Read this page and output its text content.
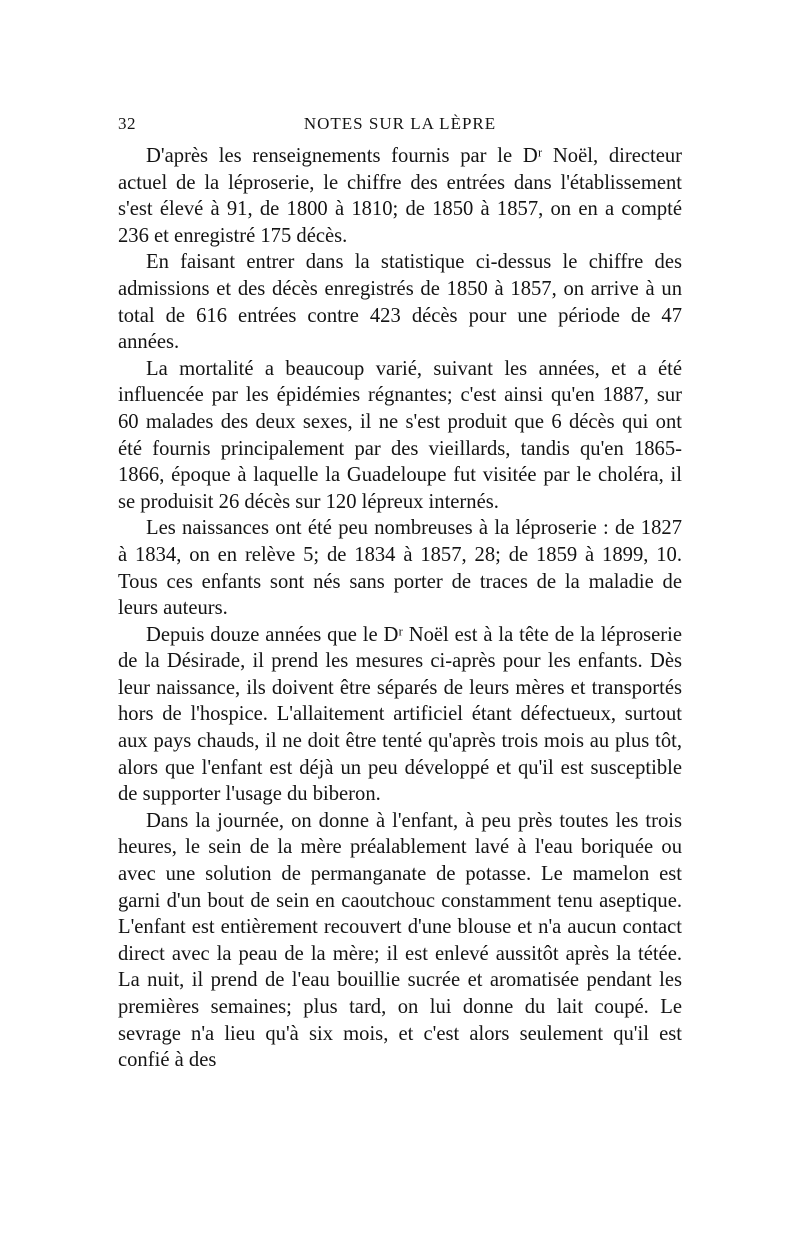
32	NOTES SUR LA LÈPRE

D'après les renseignements fournis par le Dʳ Noël, directeur actuel de la léproserie, le chiffre des entrées dans l'établissement s'est élevé à 91, de 1800 à 1810; de 1850 à 1857, on en a compté 236 et enregistré 175 décès.

En faisant entrer dans la statistique ci-dessus le chiffre des admissions et des décès enregistrés de 1850 à 1857, on arrive à un total de 616 entrées contre 423 décès pour une période de 47 années.

La mortalité a beaucoup varié, suivant les années, et a été influencée par les épidémies régnantes; c'est ainsi qu'en 1887, sur 60 malades des deux sexes, il ne s'est produit que 6 décès qui ont été fournis principalement par des vieillards, tandis qu'en 1865-1866, époque à laquelle la Guadeloupe fut visitée par le choléra, il se produisit 26 décès sur 120 lépreux internés.

Les naissances ont été peu nombreuses à la léproserie : de 1827 à 1834, on en relève 5; de 1834 à 1857, 28; de 1859 à 1899, 10. Tous ces enfants sont nés sans porter de traces de la maladie de leurs auteurs.

Depuis douze années que le Dʳ Noël est à la tête de la léproserie de la Désirade, il prend les mesures ci-après pour les enfants. Dès leur naissance, ils doivent être séparés de leurs mères et transportés hors de l'hospice. L'allaitement artificiel étant défectueux, surtout aux pays chauds, il ne doit être tenté qu'après trois mois au plus tôt, alors que l'enfant est déjà un peu développé et qu'il est susceptible de supporter l'usage du biberon.

Dans la journée, on donne à l'enfant, à peu près toutes les trois heures, le sein de la mère préalablement lavé à l'eau boriquée ou avec une solution de permanganate de potasse. Le mamelon est garni d'un bout de sein en caoutchouc constamment tenu aseptique. L'enfant est entièrement recouvert d'une blouse et n'a aucun contact direct avec la peau de la mère; il est enlevé aussitôt après la tétée. La nuit, il prend de l'eau bouillie sucrée et aromatisée pendant les premières semaines; plus tard, on lui donne du lait coupé. Le sevrage n'a lieu qu'à six mois, et c'est alors seulement qu'il est confié à des
